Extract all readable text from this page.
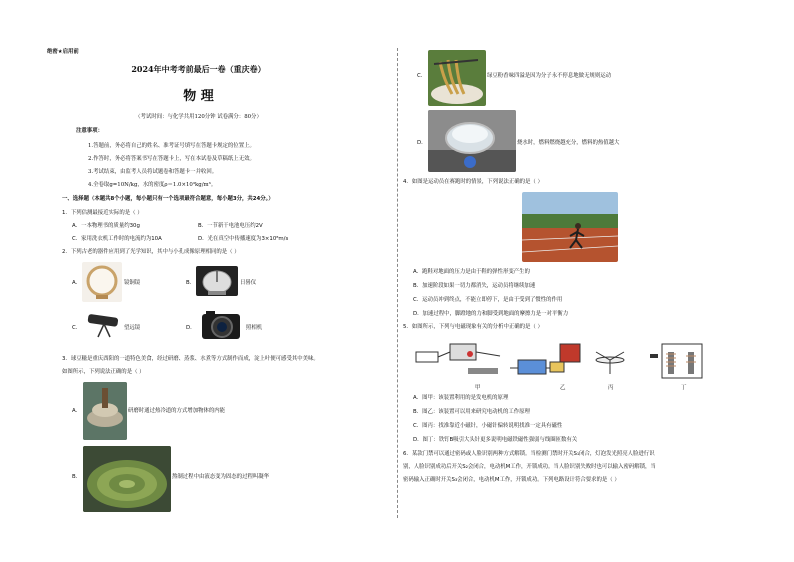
绝密★启用前
2024年中考考前最后一卷（重庆卷）
物 理
（考试时间：与化学共用120分钟 试卷满分：80分）
注意事项：
1.答题前，务必将自己的姓名、准考证号填写在答题卡规定的位置上。
2.作答时，务必将答案书写在答题卡上，写在本试卷及草稿纸上无效。
3.考试结束，由监考人员将试题卷和答题卡一并收回。
4.全卷取g=10N/kg，水的密度ρ＝1.0×10³kg/m³。
一、选择题（本题共8个小题，每小题只有一个选项最符合题意，每小题3分，共24分。）
1．下列估测最接近实际的是（ ）
A．一本物理书的质量约30g	B．一节新干电池电压约2V
C．家用洗衣机工作时的电流约为10A	D．光在真空中传播速度为3×10⁸m/s
2．下列古老的器件应用到了光学知识，其中与小孔成像原理相同的是（ ）
A．	镜铜镜	B．	日晷仪
C．	望远镜	D．	照相机
3．球豆糍是重庆酉阳的一道特色美食，经过研磨、蒸浆、水煮等方式制作而成，淀上叶便可感受其中美味。
如图所示，下列说法正确的是（ ）
A．	研磨时通过热冷道的方式增加物体的内能
B．	熬制过程中由液态变为固态的过程叫凝华
C．	绿豆粉香味四溢是因为分子永不停息地做无规则运动
D．	烧水时，燃料燃烧越充分，燃料的热值越大
4．如图是运动员在赛跑时的情景，下列说法正确的是（ ）
A．跑鞋对地面的压力是由于鞋的弹性形变产生的
B．加速阶段如果一切力都消失，运动员将继续加速
C．运动员冲到终点，不能立即停下，是由于受到了惯性的作用
D．加速过程中，脚蹬地的力和脚受到地面的摩擦力是一对平衡力
5．如图所示，下列与电磁现象有关的分析中正确的是（ ）
甲	乙	丙	丁
A．图甲：该装置利用的是发电机的原理
B．图乙：该装置可以用来研究电动机的工作原理
C．图丙：找准靠近小磁针，小磁针偏转说明找准一定具有磁性
D．图丁：铁钉B吸引大头针更多说明电磁铁磁性强弱与线圈匝数有关
6．某款门禁可以通过密码或人脸识别两种方式解锁。当检测门禁时开关S₁闭合，灯泡发光照亮人脸进行识
别，人脸识别成功后开关S₂会闭合，电动机M工作，开锁成功。当人脸识别失败时也可以输入密码解锁，当
密码输入正确时开关S₃会闭合，电动机M工作，开锁成功。下列电路设计符合要求的是（ ）
